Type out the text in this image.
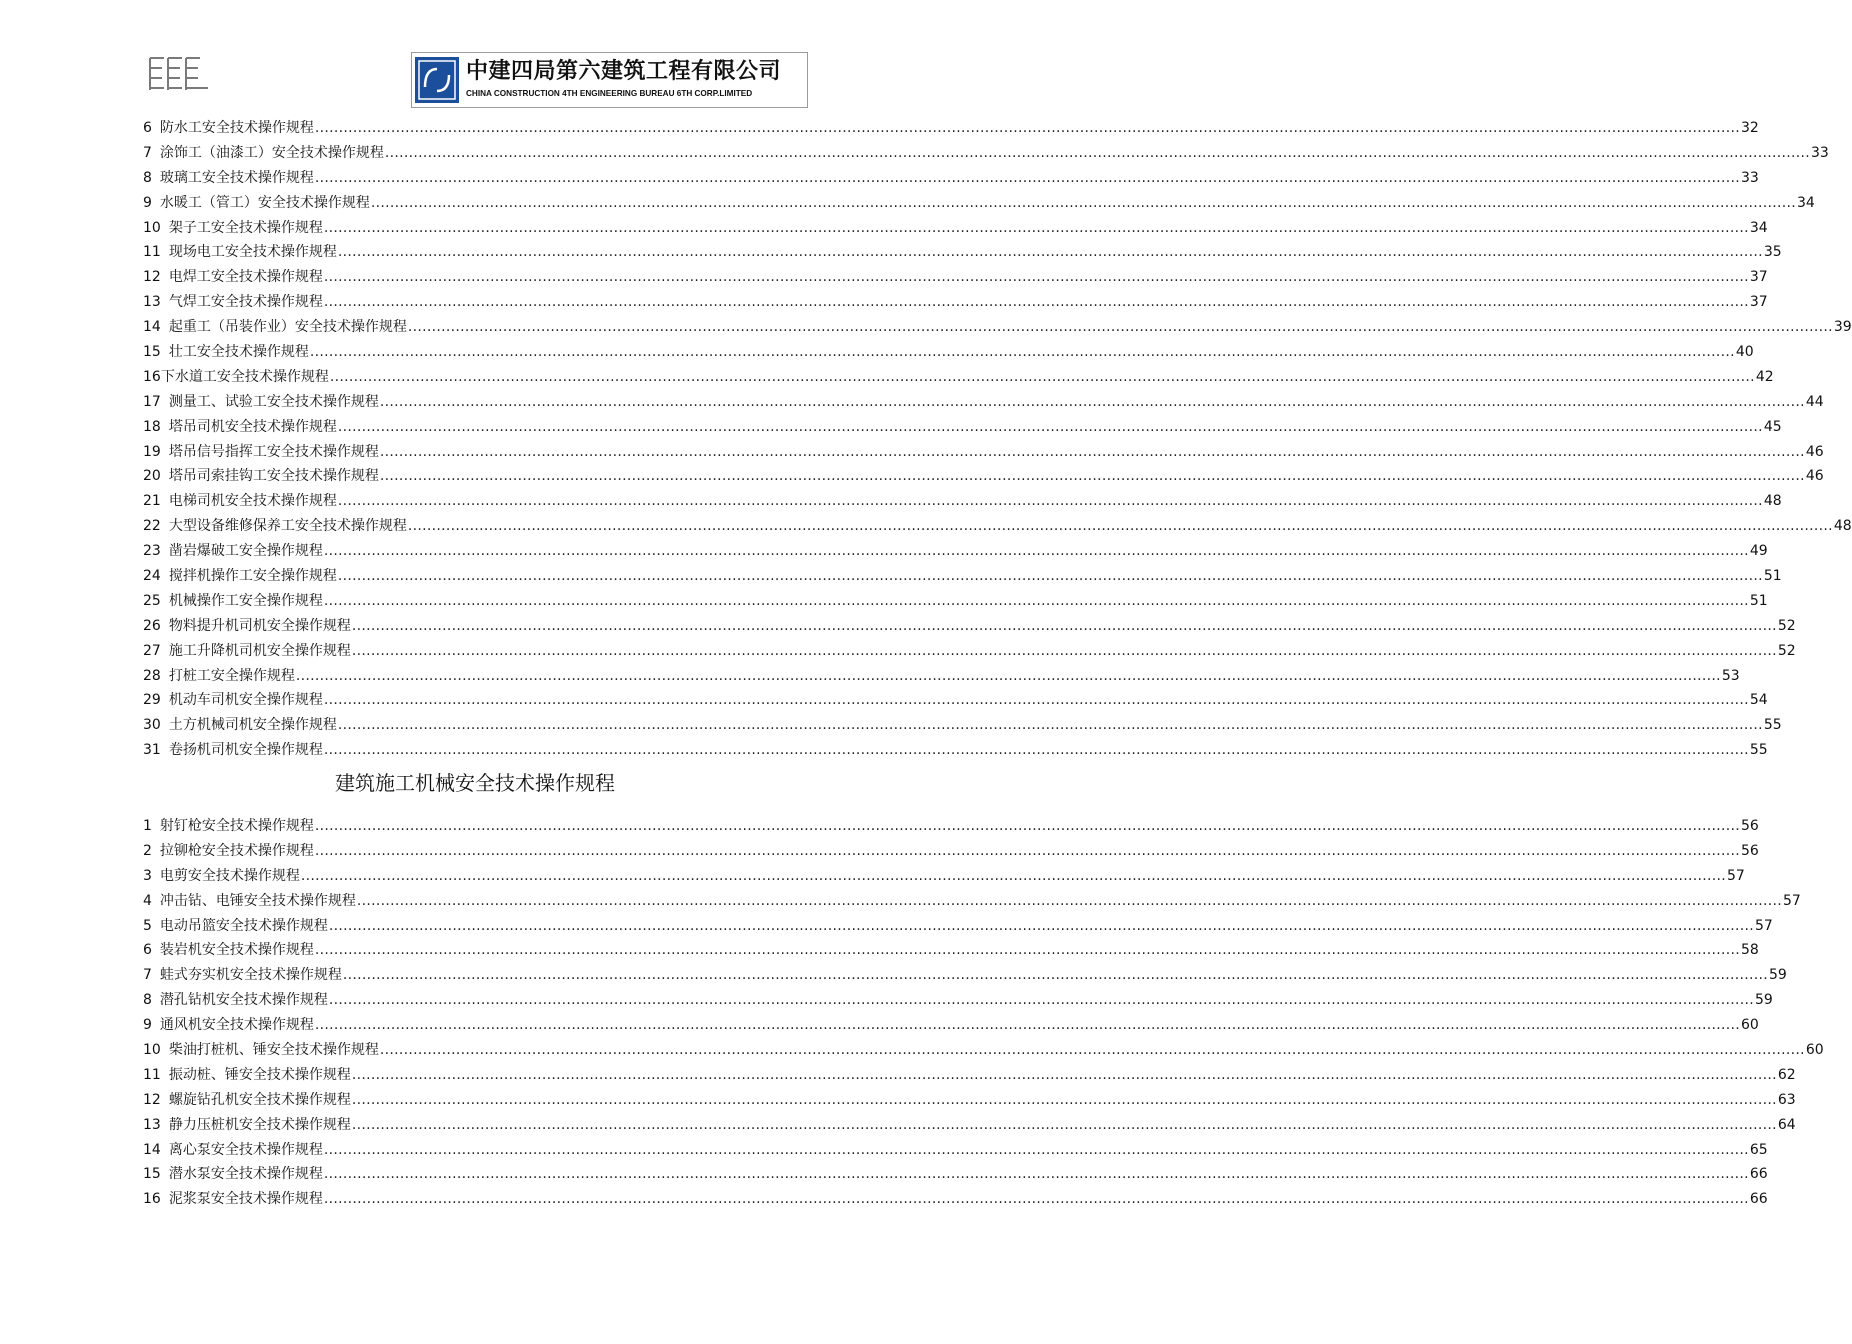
中建四局第六建筑工程有限公司
CHINA CONSTRUCTION 4TH ENGINEERING BUREAU 6TH CORP.LIMITED
6 防水工安全技术操作规程 ............................................................................................................................................................................................................................................................................................................ 32
7 涂饰工（油漆工）安全技术操作规程 ............................................................................................................................................................................................................................................................................................................ 33
8 玻璃工安全技术操作规程 ............................................................................................................................................................................................................................................................................................................ 33
9 水暖工（管工）安全技术操作规程 ............................................................................................................................................................................................................................................................................................................ 34
10 架子工安全技术操作规程 ............................................................................................................................................................................................................................................................................................................ 34
11 现场电工安全技术操作规程 ............................................................................................................................................................................................................................................................................................................ 35
12 电焊工安全技术操作规程 ............................................................................................................................................................................................................................................................................................................ 37
13 气焊工安全技术操作规程 ............................................................................................................................................................................................................................................................................................................ 37
14 起重工（吊装作业）安全技术操作规程 ............................................................................................................................................................................................................................................................................................................ 39
15 壮工安全技术操作规程 ............................................................................................................................................................................................................................................................................................................ 40
16 下水道工安全技术操作规程 ............................................................................................................................................................................................................................................................................................................ 42
17 测量工、试验工安全技术操作规程 ............................................................................................................................................................................................................................................................................................................ 44
18 塔吊司机安全技术操作规程 ............................................................................................................................................................................................................................................................................................................ 45
19 塔吊信号指挥工安全技术操作规程 ............................................................................................................................................................................................................................................................................................................ 46
20 塔吊司索挂钩工安全技术操作规程 ............................................................................................................................................................................................................................................................................................................ 46
21 电梯司机安全技术操作规程 ............................................................................................................................................................................................................................................................................................................ 48
22 大型设备维修保养工安全技术操作规程 ............................................................................................................................................................................................................................................................................................................ 48
23 凿岩爆破工安全操作规程 ............................................................................................................................................................................................................................................................................................................ 49
24 搅拌机操作工安全操作规程 ............................................................................................................................................................................................................................................................................................................ 51
25 机械操作工安全操作规程 ............................................................................................................................................................................................................................................................................................................ 51
26 物料提升机司机安全操作规程 ............................................................................................................................................................................................................................................................................................................ 52
27 施工升降机司机安全操作规程 ............................................................................................................................................................................................................................................................................................................ 52
28 打桩工安全操作规程 ............................................................................................................................................................................................................................................................................................................ 53
29 机动车司机安全操作规程 ............................................................................................................................................................................................................................................................................................................ 54
30 土方机械司机安全操作规程 ............................................................................................................................................................................................................................................................................................................ 55
31 卷扬机司机安全操作规程 ............................................................................................................................................................................................................................................................................................................ 55
建筑施工机械安全技术操作规程
1 射钉枪安全技术操作规程 ............................................................................................................................................................................................................................................................................................................ 56
2 拉铆枪安全技术操作规程 ............................................................................................................................................................................................................................................................................................................ 56
3 电剪安全技术操作规程 ............................................................................................................................................................................................................................................................................................................ 57
4 冲击钻、电锤安全技术操作规程 ............................................................................................................................................................................................................................................................................................................ 57
5 电动吊篮安全技术操作规程 ............................................................................................................................................................................................................................................................................................................ 57
6 装岩机安全技术操作规程 ............................................................................................................................................................................................................................................................................................................ 58
7 蛙式夯实机安全技术操作规程 ............................................................................................................................................................................................................................................................................................................ 59
8 潜孔钻机安全技术操作规程 ............................................................................................................................................................................................................................................................................................................ 59
9 通风机安全技术操作规程 ............................................................................................................................................................................................................................................................................................................ 60
10 柴油打桩机、锤安全技术操作规程 ............................................................................................................................................................................................................................................................................................................ 60
11 振动桩、锤安全技术操作规程 ............................................................................................................................................................................................................................................................................................................ 62
12 螺旋钻孔机安全技术操作规程 ............................................................................................................................................................................................................................................................................................................ 63
13 静力压桩机安全技术操作规程 ............................................................................................................................................................................................................................................................................................................ 64
14 离心泵安全技术操作规程 ............................................................................................................................................................................................................................................................................................................ 65
15 潜水泵安全技术操作规程 ............................................................................................................................................................................................................................................................................................................ 66
16 泥浆泵安全技术操作规程 ............................................................................................................................................................................................................................................................................................................ 66
